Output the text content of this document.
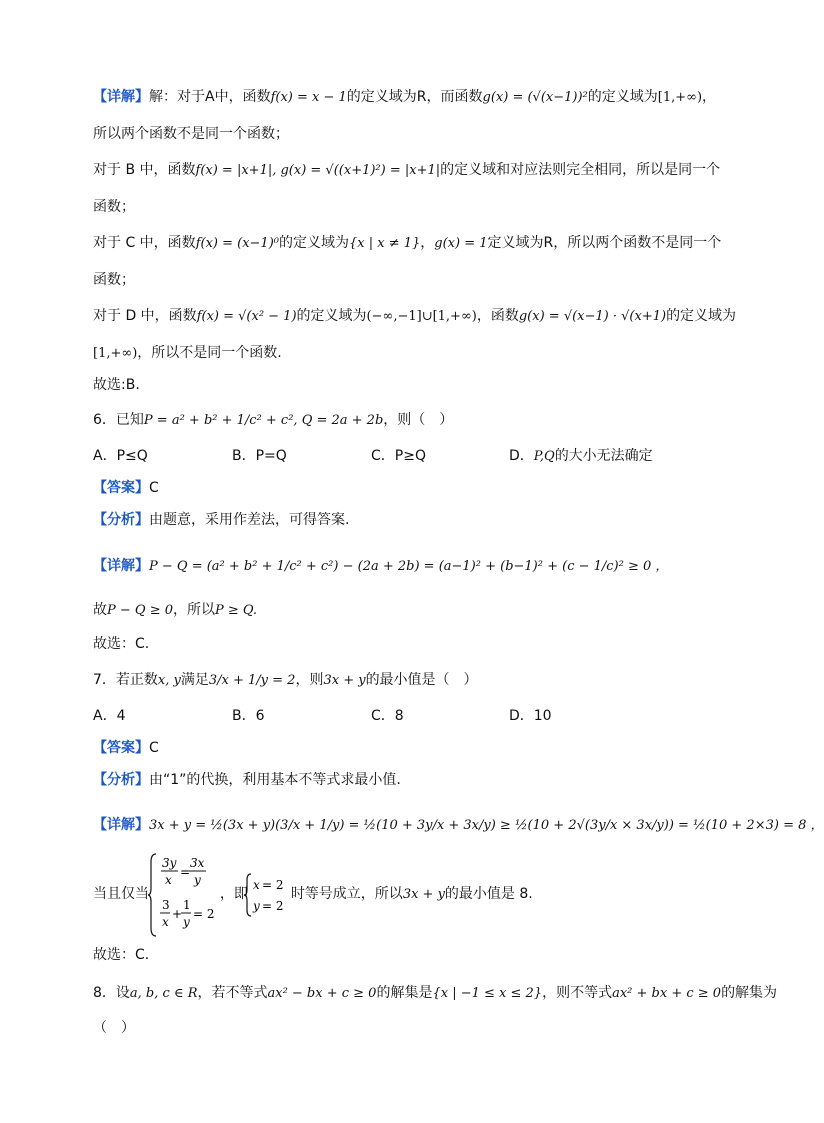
【详解】解：对于A中，函数f(x) = x − 1的定义域为R，而函数g(x) = (√(x−1))²的定义域为[1,+∞)，
所以两个函数不是同一个函数；
对于 B 中，函数f(x) = |x+1|, g(x) = √((x+1)²) = |x+1|的定义域和对应法则完全相同，所以是同一个
函数；
对于 C 中，函数f(x) = (x−1)⁰的定义域为{x | x ≠ 1}，g(x) = 1定义域为R，所以两个函数不是同一个
函数；
对于 D 中，函数f(x) = √(x² − 1)的定义域为(−∞,−1]∪[1,+∞)，函数g(x) = √(x−1) · √(x+1)的定义域为
[1,+∞)，所以不是同一个函数.
故选:B.
6．已知P = a² + b² + 1/c² + c², Q = 2a + 2b，则（　）
A．P≤Q	B．P=Q	C．P≥Q	D．P,Q的大小无法确定
【答案】C
【分析】由题意，采用作差法，可得答案.
【详解】P − Q = (a² + b² + 1/c² + c²) − (2a + 2b) = (a−1)² + (b−1)² + (c − 1/c)² ≥ 0 ，
故P − Q ≥ 0，所以P ≥ Q.
故选：C.
7．若正数x, y满足3/x + 1/y = 2，则3x + y的最小值是（　）
A．4	B．6	C．8	D．10
【答案】C
【分析】由“1”的代换，利用基本不等式求最小值.
【详解】3x + y = ½(3x + y)(3/x + 1/y) = ½(10 + 3y/x + 3x/y) ≥ ½(10 + 2√(3y/x × 3x/y)) = ½(10 + 2×3) = 8 ，
当且仅当	，即	时等号成立，所以3x + y的最小值是 8.
3y
x
=
3x
y
3
x
+
1
y
= 2
x = 2
y = 2
故选：C．
8．设a, b, c ∈ R，若不等式ax² − bx + c ≥ 0的解集是{x | −1 ≤ x ≤ 2}，则不等式ax² + bx + c ≥ 0的解集为
（　）
